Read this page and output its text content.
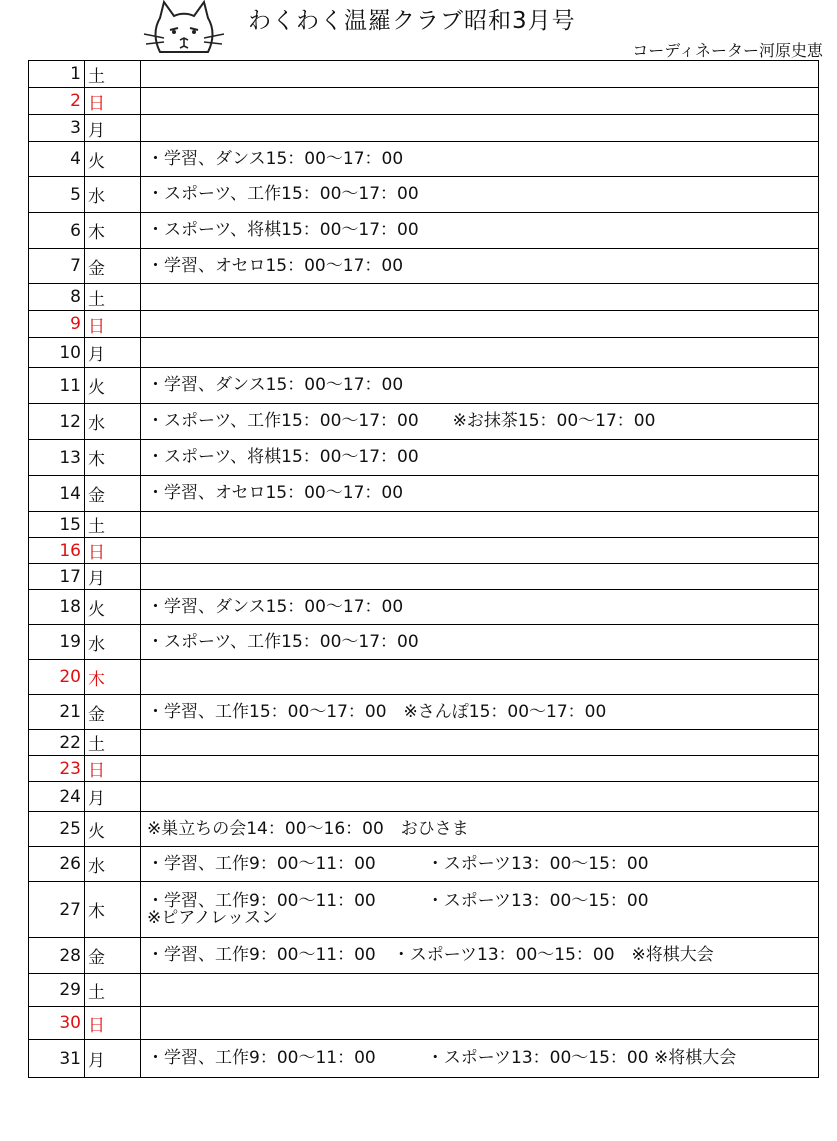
わくわく温羅クラブ昭和3月号
コーディネーター河原史恵
1	土	
2	日	
3	月	
4	火	・学習、ダンス15：00〜17：00
5	水	・スポーツ、工作15：00〜17：00
6	木	・スポーツ、将棋15：00〜17：00
7	金	・学習、オセロ15：00〜17：00
8	土	
9	日	
10	月	
11	火	・学習、ダンス15：00〜17：00
12	水	・スポーツ、工作15：00〜17：00　　※お抹茶15：00〜17：00
13	木	・スポーツ、将棋15：00〜17：00
14	金	・学習、オセロ15：00〜17：00
15	土	
16	日	
17	月	
18	火	・学習、ダンス15：00〜17：00
19	水	・スポーツ、工作15：00〜17：00
20	木	
21	金	・学習、工作15：00〜17：00　※さんぽ15：00〜17：00
22	土	
23	日	
24	月	
25	火	※巣立ちの会14：00〜16：00　おひさま
26	水	・学習、工作9：00〜11：00　　　・スポーツ13：00〜15：00
27	木	・学習、工作9：00〜11：00　　　・スポーツ13：00〜15：00
※ピアノレッスン
28	金	・学習、工作9：00〜11：00　・スポーツ13：00〜15：00　※将棋大会
29	土	
30	日	
31	月	・学習、工作9：00〜11：00　　　・スポーツ13：00〜15：00 ※将棋大会
